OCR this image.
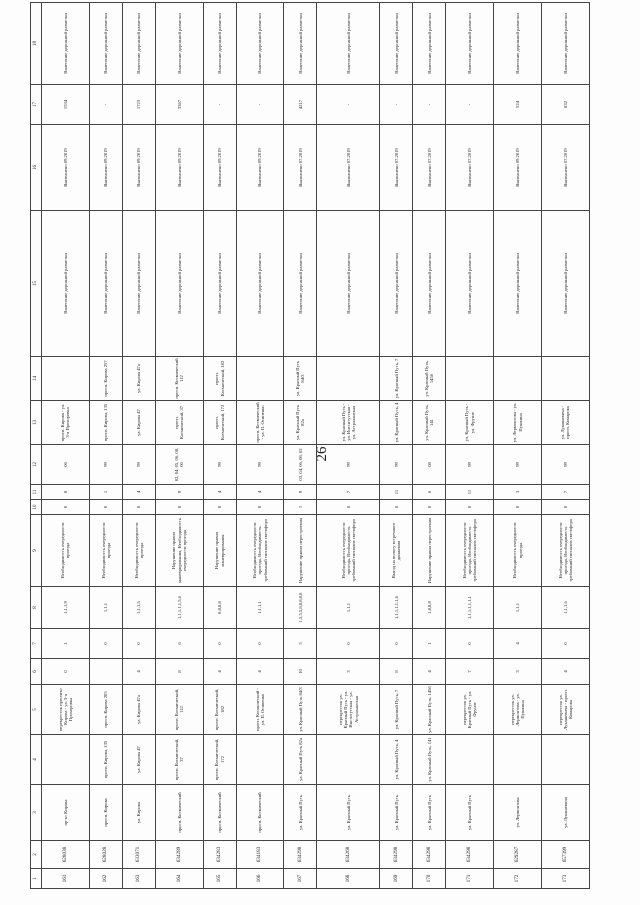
26
1	2	3	4	5	6	7	8	9	10	11	12	13	14	15	16	17	18
161	628038	пр-кт Кирова		перекресток проспект Кирова - ул. 3-я Прохоровка	0	1	1,1,1,9	Необходимость очередности проезда	0	8	06	просп. Кирова - ул. 3-я Прохоровка		Нанесение дорожной разметки	Выполнено 09.2019	1534	Нанесение дорожной разметки
162	628028	просп. Кирова	просп. Кирова, 135	просп. Кирова 205		0	1,1,1	Необходимость очередности проезда	0	1	99	просп. Кирова, 135	просп. Кирова 257	Нанесение дорожной разметки	Выполнено 09.2019	-	Нанесение дорожной разметки
163	633071	ул. Кирова	ул. Кирова 47	ул. Кирова 47а	4	0	1,1,1,5	Необходимость очередности проезда	0	4	99	ул. Кирова 47	ул. Кирова 47а	Нанесение дорожной разметки	Выполнено 09.2019	1723	Нанесение дорожной разметки
164	634289	просп. Космический	просп. Космический, 37	просп. Космический, 112	8	6	1,1,1,1,1,5,6	Нарушение правил маневрирования, Необходимость очередности проезда	0	9	02, 04, 05, 06, 08, 00	просп. Космический, 37	просп. Космический 112	Нанесение дорожной разметки	Выполнено 09.2019	3367	Нанесение дорожной разметки
165	634283	просп. Космический	просп. Космический, 172	просп. Космический, 182	4	0	8,8,8,8	Нарушение правил маневрирования	0	4	99	просп. Космический, 172	просп. Космический, 182	Нанесение дорожной разметки	Выполнено 09.2019	-	Нанесение дорожной разметки
166	634183	просп. Космический		просп. Космический - ул. П. Осипенко	4	0	1,1,1,1	Необходимость очередности проезда, Необходимость требований сигналов светофора	0	4	99	просп. Космический - ул. П. Осипенко		Нанесение дорожной разметки	Выполнено 09.2019	-	Нанесение дорожной разметки
167	634298	ул. Красный Путь	ул. Красный Путь 82а	ул. Красный Путь 84/3	10	5	1,5,5,5,8,8,8,8,8	Нарушение правил перестроения	1	9	03, 04, 06, 08, 02	ул. Красный Путь 82а	ул. Красный Путь 84/3	Нанесение дорожной разметки	Выполнено 07.2019	4217	Нанесение дорожной разметки
168	634268	ул. Красный Путь		перекресток ул. Красный Путь - ул. Институтская - ул. Астраханская	3	0	1,1,1	Необходимость очередности проезда, Необходимость требований сигналов светофора	0	7	99	ул. Красный Путь - ул. Институтская - ул. Астраханская		Нанесение дорожной разметки	Выполнено 07.2019	-	Нанесение дорожной разметки
169	634298	ул. Красный Путь	ул. Красный Путь, 4	ул. Красный Путь, 7	8	0	1,1,1,1,1,1,6	Выезд на полосу встречного движения	0	11	99	ул. Красный Путь, 4	ул. Красный Путь, 7	Нанесение дорожной разметки	Выполнено 07.2019	-	Нанесение дорожной разметки
170	634298	ул. Красный Путь	ул. Красный Путь, 141	ул. Красный Путь, 145б	4	1	1,8,8,8	Нарушение правил перестроения	0	6	08	ул. Красный Путь, 141	ул. Красный Путь, 145б	Нанесение дорожной разметки	Выполнено 07.2019	-	Нанесение дорожной разметки
171	634298	ул. Красный Путь		перекресток ул. Красный Путь - ул. Фрунзе	7	0	1,1,1,1,1,1,1	Необходимость очередности проезда, Необходимость требований сигналов светофора	0	11	99	ул. Красный Путь - ул. Фрунзе		Нанесение дорожной разметки	Выполнено 07.2019	-	Нанесение дорожной разметки
172	629287	ул. Лермонтова		перекресток ул. Лермонтова - ул. Пушкина	3	4	1,1,1	Необходимость очередности проезда	0	3	99	ул. Лермонтова - ул. Пушкина		Нанесение дорожной разметки	Выполнено 09.2019	524	Нанесение дорожной разметки
173	657399	ул. Лукашевича		перекресток ул. Лукашевича - просп. Комарова	4	0	1,1,1,6	Необходимость очередности проезда, Необходимость требований сигналов светофора	0	7	99	ул. Лукашевича - просп. Комарова		Нанесение дорожной разметки	Выполнено 07.2019	832	Нанесение дорожной разметки
